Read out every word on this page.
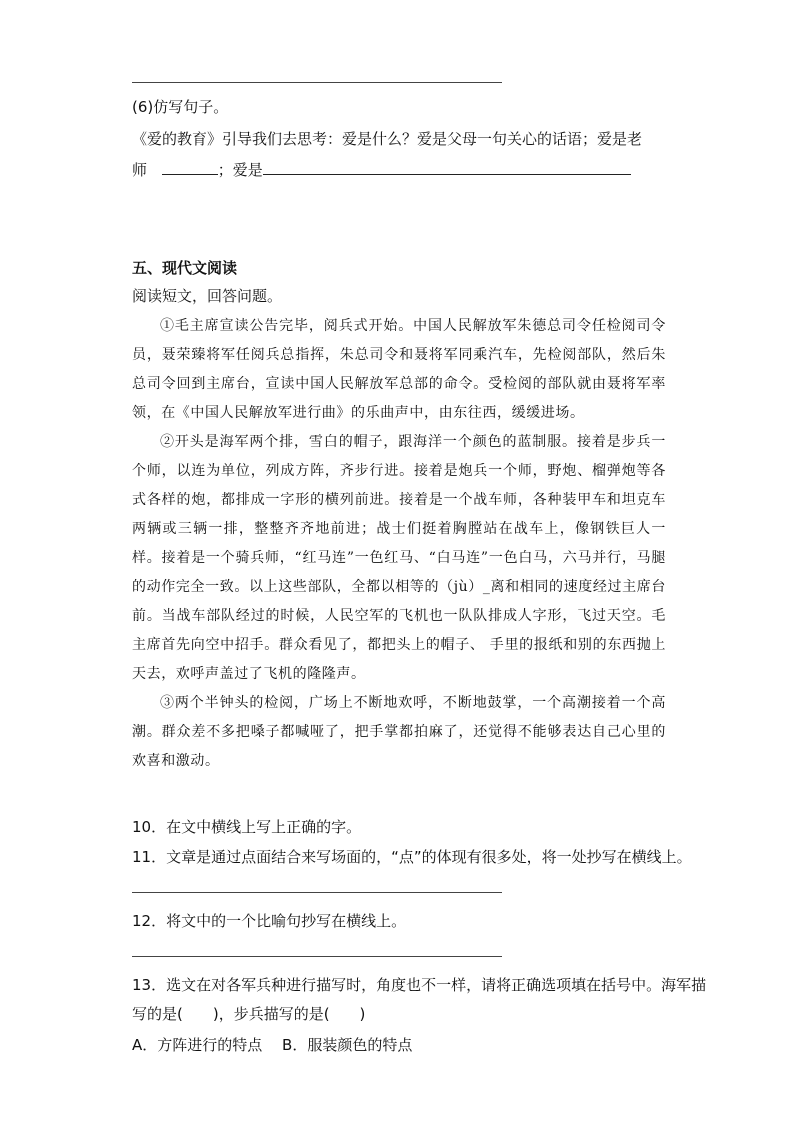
(6)仿写句子。
《爱的教育》引导我们去思考：爱是什么？爱是父母一句关心的话语；爱是老
师	；爱是
五、现代文阅读
阅读短文，回答问题。

①毛主席宣读公告完毕，阅兵式开始。中国人民解放军朱德总司令任检阅司令员，聂荣臻将军任阅兵总指挥，朱总司令和聂将军同乘汽车，先检阅部队，然后朱总司令回到主席台，宣读中国人民解放军总部的命令。受检阅的部队就由聂将军率领，在《中国人民解放军进行曲》的乐曲声中，由东往西，缓缓进场。

②开头是海军两个排，雪白的帽子，跟海洋一个颜色的蓝制服。接着是步兵一个师，以连为单位，列成方阵，齐步行进。接着是炮兵一个师，野炮、榴弹炮等各式各样的炮，都排成一字形的横列前进。接着是一个战车师，各种装甲车和坦克车两辆或三辆一排，整整齐齐地前进；战士们挺着胸膛站在战车上，像钢铁巨人一样。接着是一个骑兵师，“红马连”一色红马、“白马连”一色白马，六马并行，马腿的动作完全一致。以上这些部队，全都以相等的（jù）_离和相同的速度经过主席台前。当战车部队经过的时候，人民空军的飞机也一队队排成人字形，飞过天空。毛主席首先向空中招手。群众看见了，都把头上的帽子、 手里的报纸和别的东西抛上天去，欢呼声盖过了飞机的隆隆声。

③两个半钟头的检阅，广场上不断地欢呼，不断地鼓掌，一个高潮接着一个高潮。群众差不多把嗓子都喊哑了，把手掌都拍麻了，还觉得不能够表达自己心里的欢喜和激动。

10．在文中横线上写上正确的字。
11．文章是通过点面结合来写场面的，“点”的体现有很多处，将一处抄写在横线上。
12．将文中的一个比喻句抄写在横线上。
13．选文在对各军兵种进行描写时，角度也不一样，请将正确选项填在括号中。海军描
写的是(　　)，步兵描写的是(　　)
A．方阵进行的特点　 B．服装颜色的特点
